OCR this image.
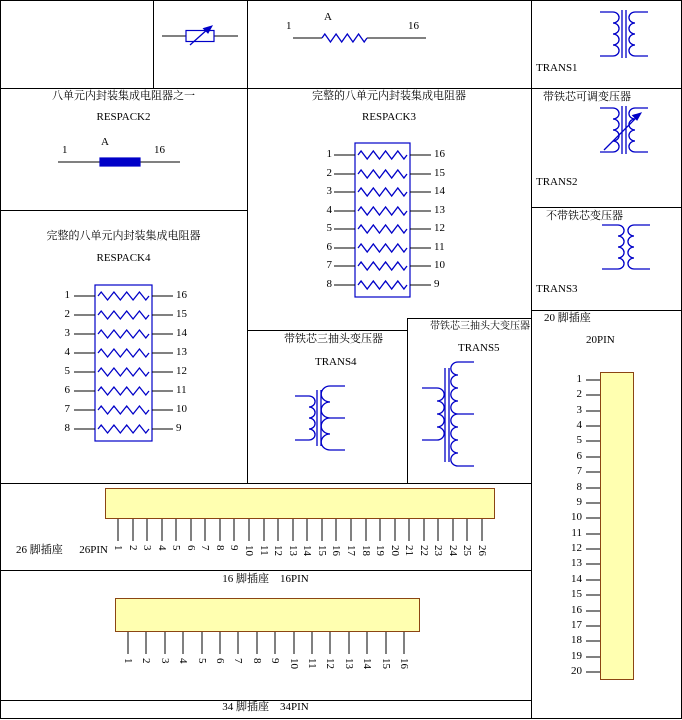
八单元内封装集成电阻器之一
RESPACK2
1
A
16
1
A
16
完整的八单元内封装集成电阻器
RESPACK3
完整的八单元内封装集成电阻器
RESPACK4
TRANS1
带铁芯可调变压器
TRANS2
不带铁芯变压器
TRANS3
带铁芯三抽头变压器
TRANS4
带铁芯三抽头大变压器
TRANS5
20 脚插座
20PIN
26 脚插座      26PIN
16 脚插座    16PIN
34 脚插座    34PIN
1	16
2	15
3	14
4	13
5	12
6	11
7	10
8	9
1	16
2	15
3	14
4	13
5	12
6	11
7	10
8	9
1
2
3
4
5
6
7
8
9
10
11
12
13
14
15
16
17
18
19
20
1 2 3 4 5 6 7 8 9 10 11 12 13 14 15 16 17 18 19 20 21 22 23 24 25 26
1 2 3 4 5 6 7 8 9 10 11 12 13 14 15 16
